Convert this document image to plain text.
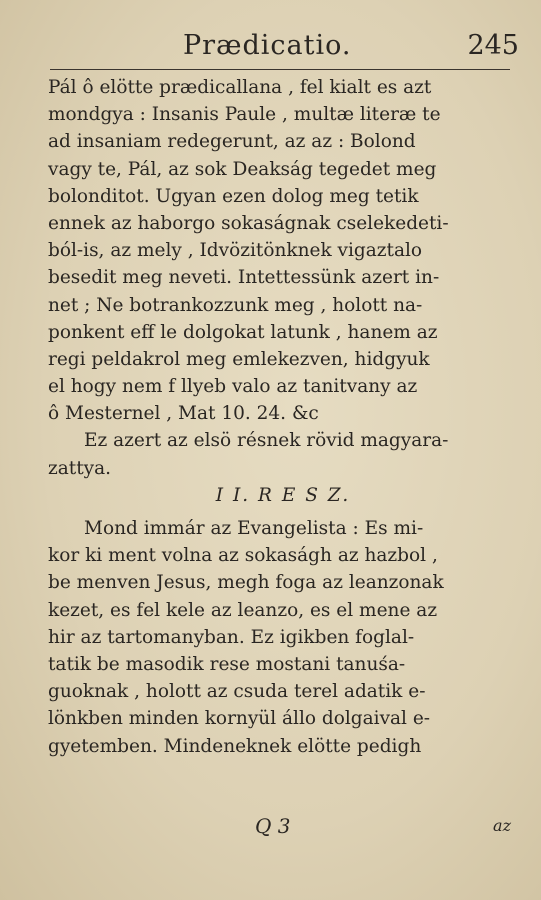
Prædicatio.	245
Pál ô elötte prædicallana , fel kialt es azt
mondgya : Insanis Paule , multæ literæ te
ad insaniam redegerunt, az az : Bolond
vagy te, Pál, az sok Deakság tegedet meg
bolonditot. Ugyan ezen dolog meg tetik
ennek az haborgo sokaságnak cselekedeti-
ból-is, az mely , Idvözitönknek vigaztalo
besedit meg neveti. Intettessünk azert in-
net ; Ne botrankozzunk meg , holott na-
ponkent eff le dolgokat latunk , hanem az
regi peldakrol meg emlekezven, hidgyuk
el hogy nem f llyeb valo az tanitvany az
ô Mesternel , Mat 10. 24. &c
Ez azert az elsö résnek rövid magyara-
zattya.
I I. R E S Z.
Mond immár az Evangelista : Es mi-
kor ki ment volna az sokaságh az hazbol ,
be menven Jesus, megh foga az leanzonak
kezet, es fel kele az leanzo, es el mene az
hir az tartomanyban. Ez igikben foglal-
tatik be masodik rese mostani tanuśa-
guoknak , holott az csuda terel adatik e-
lönkben minden kornyül állo dolgaival e-
gyetemben. Mindeneknek elötte pedigh
Q 3	az
